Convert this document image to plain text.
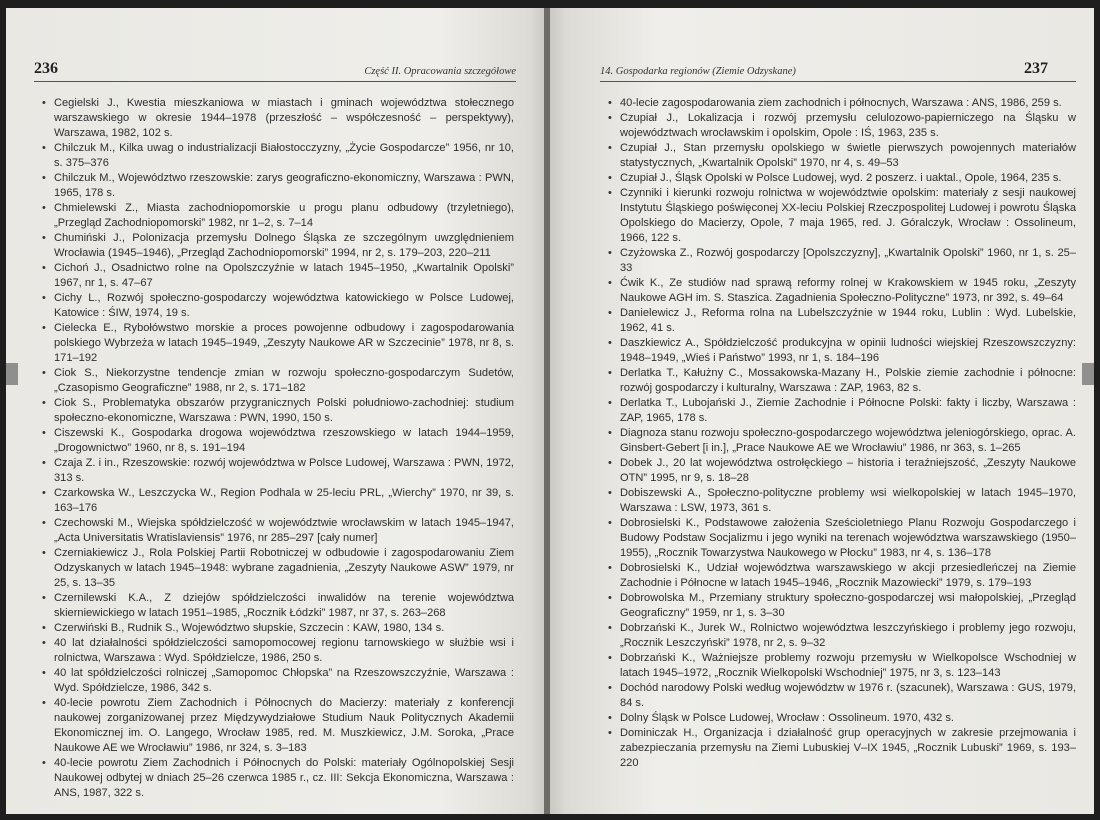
236	Część II. Opracowania szczegółowe
• Cegielski J., Kwestia mieszkaniowa w miastach i gminach województwa stołecznego warszawskiego w okresie 1944–1978 (przeszłość – współczesność – perspektywy), Warszawa, 1982, 102 s.
• Chilczuk M., Kilka uwag o industrializacji Białostocczyzny, „Życie Gospodarcze” 1956, nr 10, s. 375–376
• Chilczuk M., Województwo rzeszowskie: zarys geograficzno-ekonomiczny, Warszawa : PWN, 1965, 178 s.
• Chmielewski Z., Miasta zachodniopomorskie u progu planu odbudowy (trzyletniego), „Przegląd Zachodniopomorski” 1982, nr 1–2, s. 7–14
• Chumiński J., Polonizacja przemysłu Dolnego Śląska ze szczególnym uwzględnieniem Wrocławia (1945–1946), „Przegląd Zachodniopomorski” 1994, nr 2, s. 179–203, 220–211
• Cichoń J., Osadnictwo rolne na Opolszczyźnie w latach 1945–1950, „Kwartalnik Opolski” 1967, nr 1, s. 47–67
• Cichy L., Rozwój społeczno-gospodarczy województwa katowickiego w Polsce Ludowej, Katowice : ŚIW, 1974, 19 s.
• Cielecka E., Rybołówstwo morskie a proces powojenne odbudowy i zagospodarowania polskiego Wybrzeża w latach 1945–1949, „Zeszyty Naukowe AR w Szczecinie” 1978, nr 8, s. 171–192
• Ciok S., Niekorzystne tendencje zmian w rozwoju społeczno-gospodarczym Sudetów, „Czasopismo Geograficzne” 1988, nr 2, s. 171–182
• Ciok S., Problematyka obszarów przygranicznych Polski południowo-zachodniej: studium społeczno-ekonomiczne, Warszawa : PWN, 1990, 150 s.
• Ciszewski K., Gospodarka drogowa województwa rzeszowskiego w latach 1944–1959, „Drogownictwo” 1960, nr 8, s. 191–194
• Czaja Z. i in., Rzeszowskie: rozwój województwa w Polsce Ludowej, Warszawa : PWN, 1972, 313 s.
• Czarkowska W., Leszczycka W., Region Podhala w 25-leciu PRL, „Wierchy” 1970, nr 39, s. 163–176
• Czechowski M., Wiejska spółdzielczość w województwie wrocławskim w latach 1945–1947, „Acta Universitatis Wratislaviensis” 1976, nr 285–297 [cały numer]
• Czerniakiewicz J., Rola Polskiej Partii Robotniczej w odbudowie i zagospodarowaniu Ziem Odzyskanych w latach 1945–1948: wybrane zagadnienia, „Zeszyty Naukowe ASW” 1979, nr 25, s. 13–35
• Czernilewski K.A., Z dziejów spółdzielczości inwalidów na terenie województwa skierniewickiego w latach 1951–1985, „Rocznik Łódzki” 1987, nr 37, s. 263–268
• Czerwiński B., Rudnik S., Województwo słupskie, Szczecin : KAW, 1980, 134 s.
• 40 lat działalności spółdzielczości samopomocowej regionu tarnowskiego w służbie wsi i rolnictwa, Warszawa : Wyd. Spółdzielcze, 1986, 250 s.
• 40 lat spółdzielczości rolniczej „Samopomoc Chłopska” na Rzeszowszczyźnie, Warszawa : Wyd. Spółdzielcze, 1986, 342 s.
• 40-lecie powrotu Ziem Zachodnich i Północnych do Macierzy: materiały z konferencji naukowej zorganizowanej przez Międzywydziałowe Studium Nauk Politycznych Akademii Ekonomicznej im. O. Langego, Wrocław 1985, red. M. Muszkiewicz, J.M. Soroka, „Prace Naukowe AE we Wrocławiu” 1986, nr 324, s. 3–183
• 40-lecie powrotu Ziem Zachodnich i Północnych do Polski: materiały Ogólnopolskiej Sesji Naukowej odbytej w dniach 25–26 czerwca 1985 r., cz. III: Sekcja Ekonomiczna, Warszawa : ANS, 1987, 322 s.
14. Gospodarka regionów (Ziemie Odzyskane)	237
• 40-lecie zagospodarowania ziem zachodnich i północnych, Warszawa : ANS, 1986, 259 s.
• Czupiał J., Lokalizacja i rozwój przemysłu celulozowo-papierniczego na Śląsku w województwach wrocławskim i opolskim, Opole : IŚ, 1963, 235 s.
• Czupiał J., Stan przemysłu opolskiego w świetle pierwszych powojennych materiałów statystycznych, „Kwartalnik Opolski” 1970, nr 4, s. 49–53
• Czupiał J., Śląsk Opolski w Polsce Ludowej, wyd. 2 poszerz. i uaktal., Opole, 1964, 235 s.
• Czynniki i kierunki rozwoju rolnictwa w województwie opolskim: materiały z sesji naukowej Instytutu Śląskiego poświęconej XX-leciu Polskiej Rzeczpospolitej Ludowej i powrotu Śląska Opolskiego do Macierzy, Opole, 7 maja 1965, red. J. Góralczyk, Wrocław : Ossolineum, 1966, 122 s.
• Czyżowska Z., Rozwój gospodarczy [Opolszczyzny], „Kwartalnik Opolski” 1960, nr 1, s. 25–33
• Ćwik K., Ze studiów nad sprawą reformy rolnej w Krakowskiem w 1945 roku, „Zeszyty Naukowe AGH im. S. Staszica. Zagadnienia Społeczno-Polityczne” 1973, nr 392, s. 49–64
• Danielewicz J., Reforma rolna na Lubelszczyźnie w 1944 roku, Lublin : Wyd. Lubelskie, 1962, 41 s.
• Daszkiewicz A., Spółdzielczość produkcyjna w opinii ludności wiejskiej Rzeszowszczyzny: 1948–1949, „Wieś i Państwo” 1993, nr 1, s. 184–196
• Derlatka T., Kałużny C., Mossakowska-Mazany H., Polskie ziemie zachodnie i północne: rozwój gospodarczy i kulturalny, Warszawa : ZAP, 1963, 82 s.
• Derlatka T., Lubojański J., Ziemie Zachodnie i Północne Polski: fakty i liczby, Warszawa : ZAP, 1965, 178 s.
• Diagnoza stanu rozwoju społeczno-gospodarczego województwa jeleniogórskiego, oprac. A. Ginsbert-Gebert [i in.], „Prace Naukowe AE we Wrocławiu” 1986, nr 363, s. 1–265
• Dobek J., 20 lat województwa ostrołęckiego – historia i teraźniejszość, „Zeszyty Naukowe OTN” 1995, nr 9, s. 18–28
• Dobiszewski A., Społeczno-polityczne problemy wsi wielkopolskiej w latach 1945–1970, Warszawa : LSW, 1973, 361 s.
• Dobrosielski K., Podstawowe założenia Sześcioletniego Planu Rozwoju Gospodarczego i Budowy Podstaw Socjalizmu i jego wyniki na terenach województwa warszawskiego (1950–1955), „Rocznik Towarzystwa Naukowego w Płocku” 1983, nr 4, s. 136–178
• Dobrosielski K., Udział województwa warszawskiego w akcji przesiedleńczej na Ziemie Zachodnie i Północne w latach 1945–1946, „Rocznik Mazowiecki” 1979, s. 179–193
• Dobrowolska M., Przemiany struktury społeczno-gospodarczej wsi małopolskiej, „Przegląd Geograficzny” 1959, nr 1, s. 3–30
• Dobrzański K., Jurek W., Rolnictwo województwa leszczyńskiego i problemy jego rozwoju, „Rocznik Leszczyński” 1978, nr 2, s. 9–32
• Dobrzański K., Ważniejsze problemy rozwoju przemysłu w Wielkopolsce Wschodniej w latach 1945–1972, „Rocznik Wielkopolski Wschodniej” 1975, nr 3, s. 123–143
• Dochód narodowy Polski według województw w 1976 r. (szacunek), Warszawa : GUS, 1979, 84 s.
• Dolny Śląsk w Polsce Ludowej, Wrocław : Ossolineum. 1970, 432 s.
• Dominiczak H., Organizacja i działalność grup operacyjnych w zakresie przejmowania i zabezpieczania przemysłu na Ziemi Lubuskiej V–IX 1945, „Rocznik Lubuski” 1969, s. 193–220
